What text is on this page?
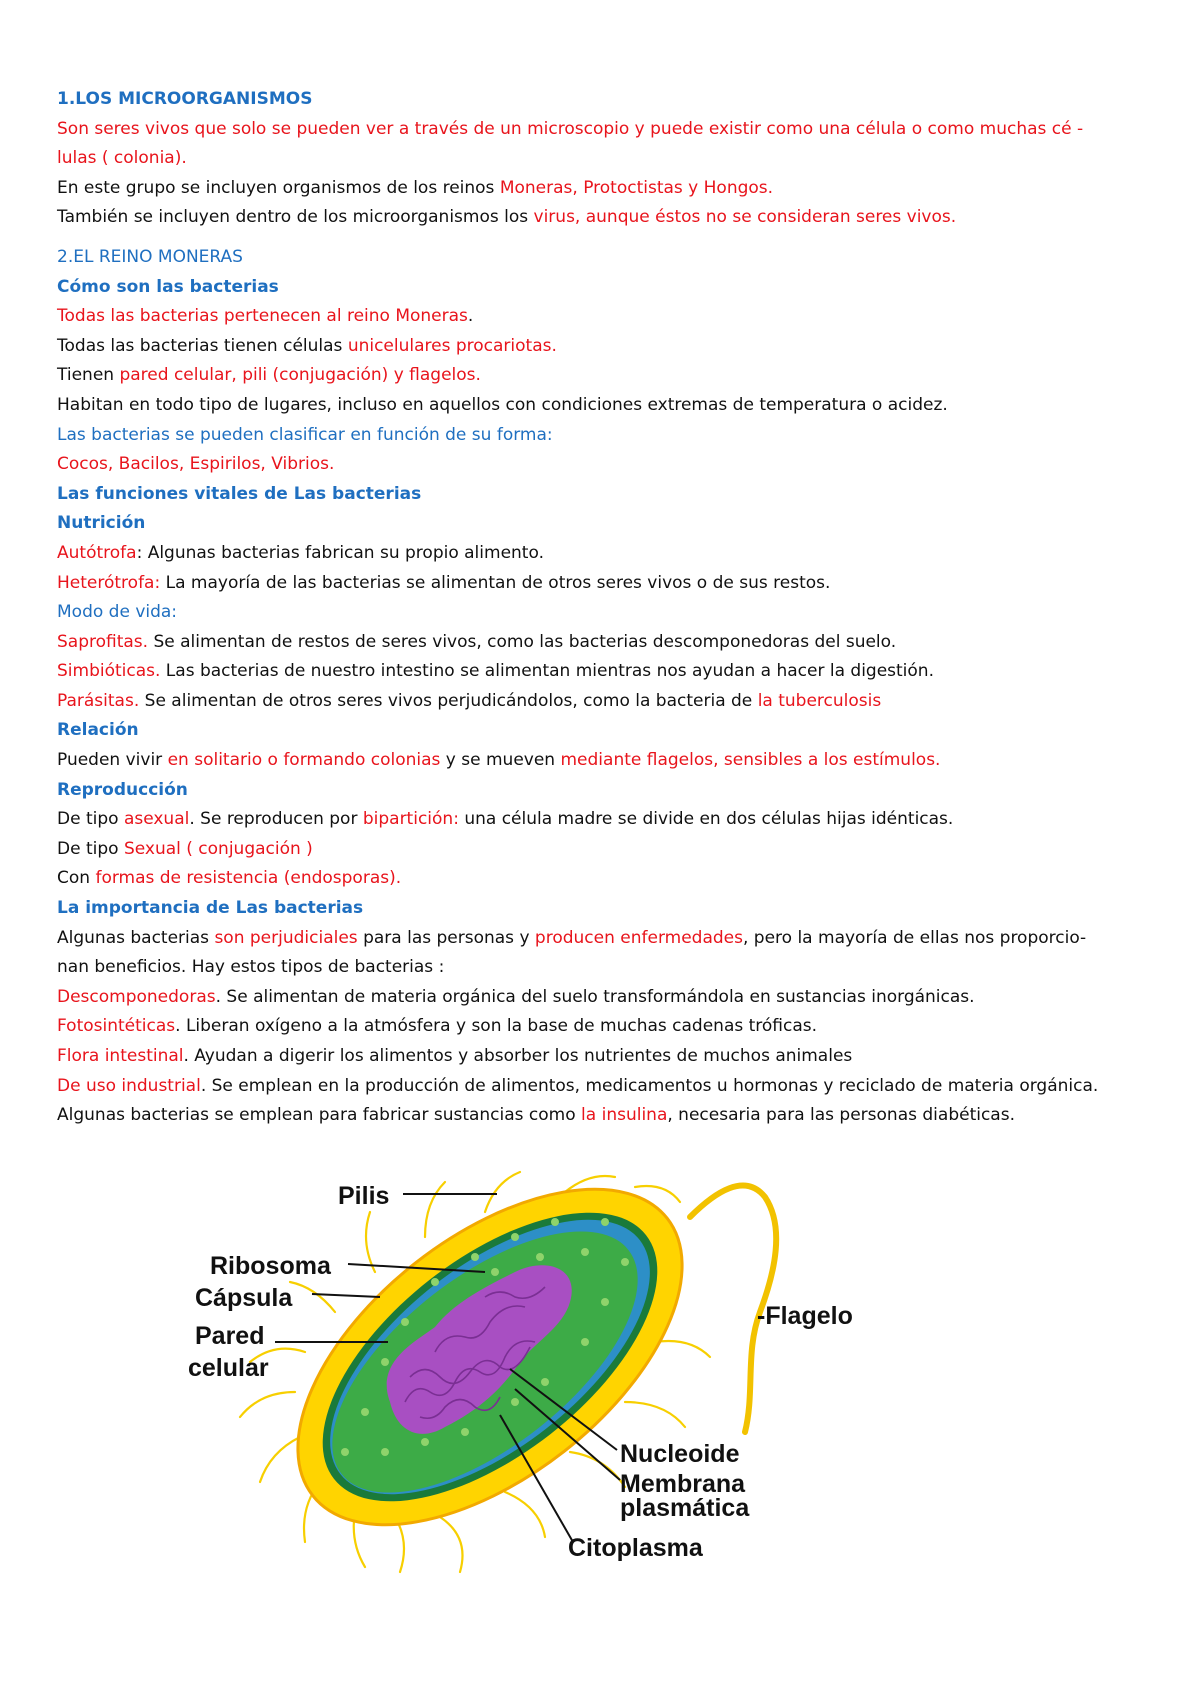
1.LOS MICROORGANISMOS
Son seres vivos que solo se pueden ver a través de un microscopio y puede existir como una célula o como muchas cé -
lulas ( colonia).
En este grupo se incluyen organismos de los reinos Moneras, Protoctistas y Hongos.
También se incluyen dentro de los microorganismos los virus, aunque éstos no se consideran seres vivos.
2.EL REINO MONERAS
Cómo son las bacterias
Todas las bacterias pertenecen al reino Moneras.
Todas las bacterias tienen células unicelulares procariotas.
Tienen pared celular, pili (conjugación) y flagelos.
Habitan en todo tipo de lugares, incluso en aquellos con condiciones extremas de temperatura o acidez.
Las bacterias se pueden clasificar en función de su forma:
Cocos, Bacilos, Espirilos, Vibrios.
Las funciones vitales de Las bacterias
Nutrición
Autótrofa: Algunas bacterias fabrican su propio alimento.
Heterótrofa: La mayoría de las bacterias se alimentan de otros seres vivos o de sus restos.
Modo de vida:
Saprofitas. Se alimentan de restos de seres vivos, como las bacterias descomponedoras del suelo.
Simbióticas. Las bacterias de nuestro intestino se alimentan mientras nos ayudan a hacer la digestión.
Parásitas. Se alimentan de otros seres vivos perjudicándolos, como la bacteria de la tuberculosis
Relación
Pueden vivir en solitario o formando colonias y se mueven mediante flagelos, sensibles a los estímulos.
Reproducción
De tipo asexual. Se reproducen por bipartición: una célula madre se divide en dos células hijas idénticas.
De tipo Sexual ( conjugación )
Con formas de resistencia (endosporas).
La importancia de Las bacterias
Algunas bacterias son perjudiciales para las personas y producen enfermedades, pero la mayoría de ellas nos proporcio-
nan beneficios. Hay estos tipos de bacterias :
Descomponedoras. Se alimentan de materia orgánica del suelo transformándola en sustancias inorgánicas.
Fotosintéticas. Liberan oxígeno a la atmósfera y son la base de muchas cadenas tróficas.
Flora intestinal. Ayudan a digerir los alimentos y absorber los nutrientes de muchos animales
De uso industrial. Se emplean en la producción de alimentos, medicamentos u hormonas y reciclado de materia orgánica.
Algunas bacterias se emplean para fabricar sustancias como la insulina, necesaria para las personas diabéticas.
Pilis
Ribosoma
Cápsula
Pared
celular
-Flagelo
Nucleoide
Membrana
plasmática
Citoplasma
